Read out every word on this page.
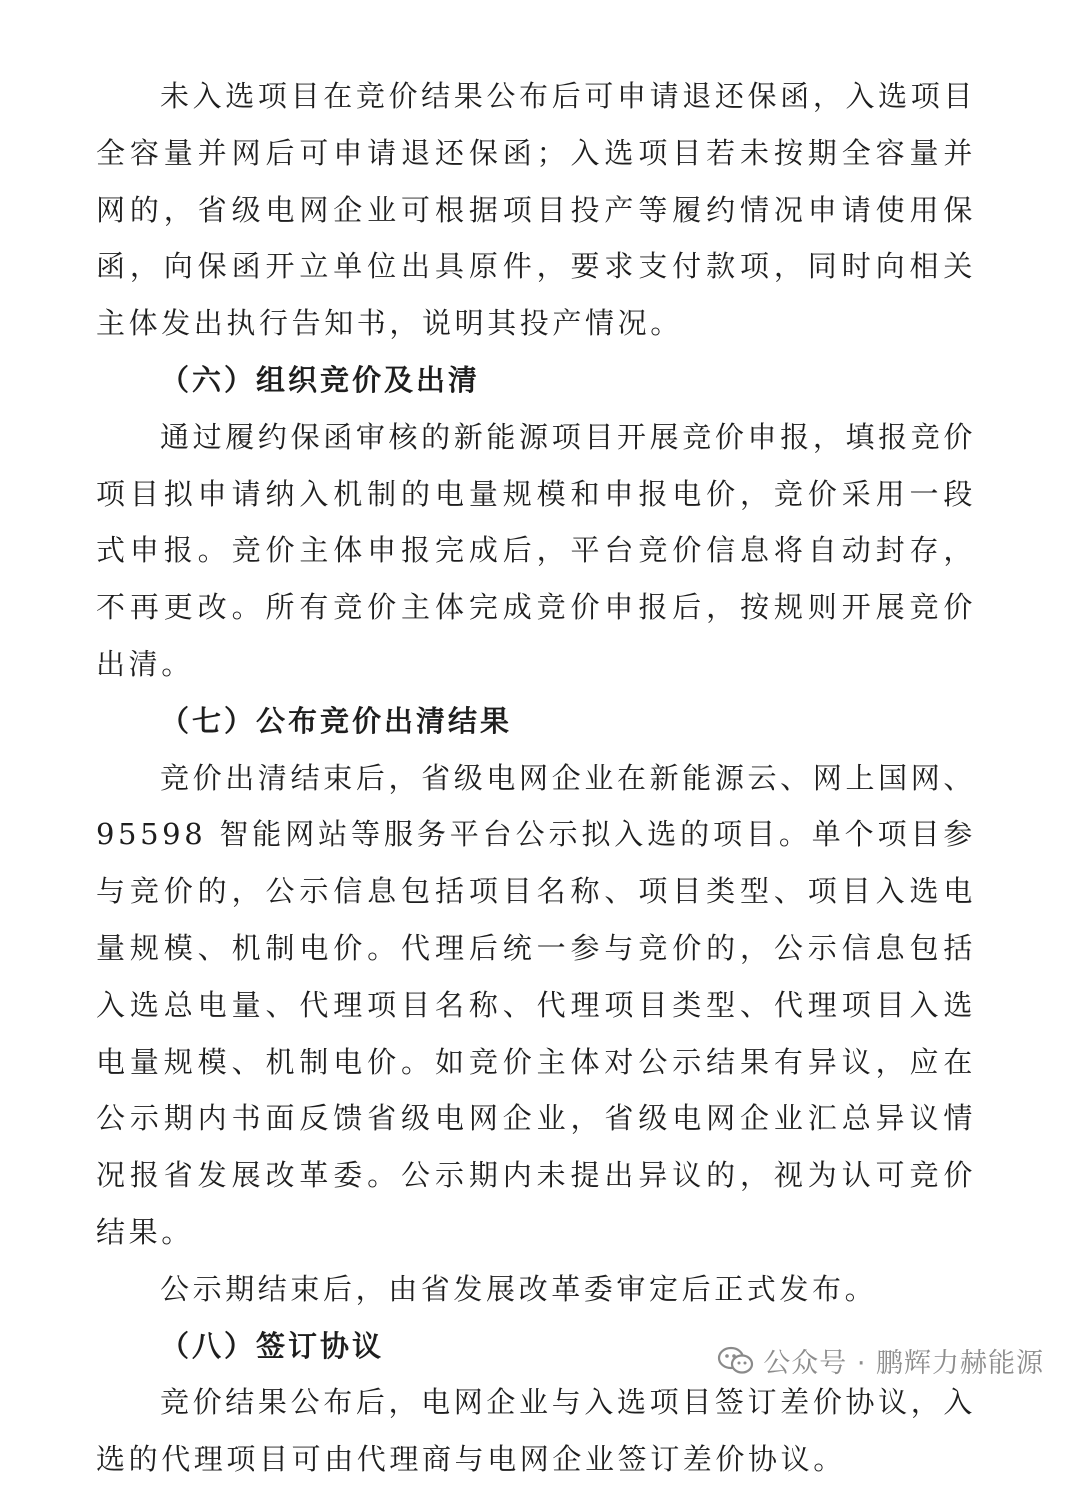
未入选项目在竞价结果公布后可申请退还保函，入选项目全容量并网后可申请退还保函；入选项目若未按期全容量并网的，省级电网企业可根据项目投产等履约情况申请使用保函，向保函开立单位出具原件，要求支付款项，同时向相关主体发出执行告知书，说明其投产情况。

（六）组织竞价及出清

通过履约保函审核的新能源项目开展竞价申报，填报竞价项目拟申请纳入机制的电量规模和申报电价，竞价采用一段式申报。竞价主体申报完成后，平台竞价信息将自动封存，不再更改。所有竞价主体完成竞价申报后，按规则开展竞价出清。

（七）公布竞价出清结果

竞价出清结束后，省级电网企业在新能源云、网上国网、95598 智能网站等服务平台公示拟入选的项目。单个项目参与竞价的，公示信息包括项目名称、项目类型、项目入选电量规模、机制电价。代理后统一参与竞价的，公示信息包括入选总电量、代理项目名称、代理项目类型、代理项目入选电量规模、机制电价。如竞价主体对公示结果有异议，应在公示期内书面反馈省级电网企业，省级电网企业汇总异议情况报省发展改革委。公示期内未提出异议的，视为认可竞价结果。

公示期结束后，由省发展改革委审定后正式发布。

（八）签订协议

竞价结果公布后，电网企业与入选项目签订差价协议，入选的代理项目可由代理商与电网企业签订差价协议。

公众号 · 鹏辉力赫能源
